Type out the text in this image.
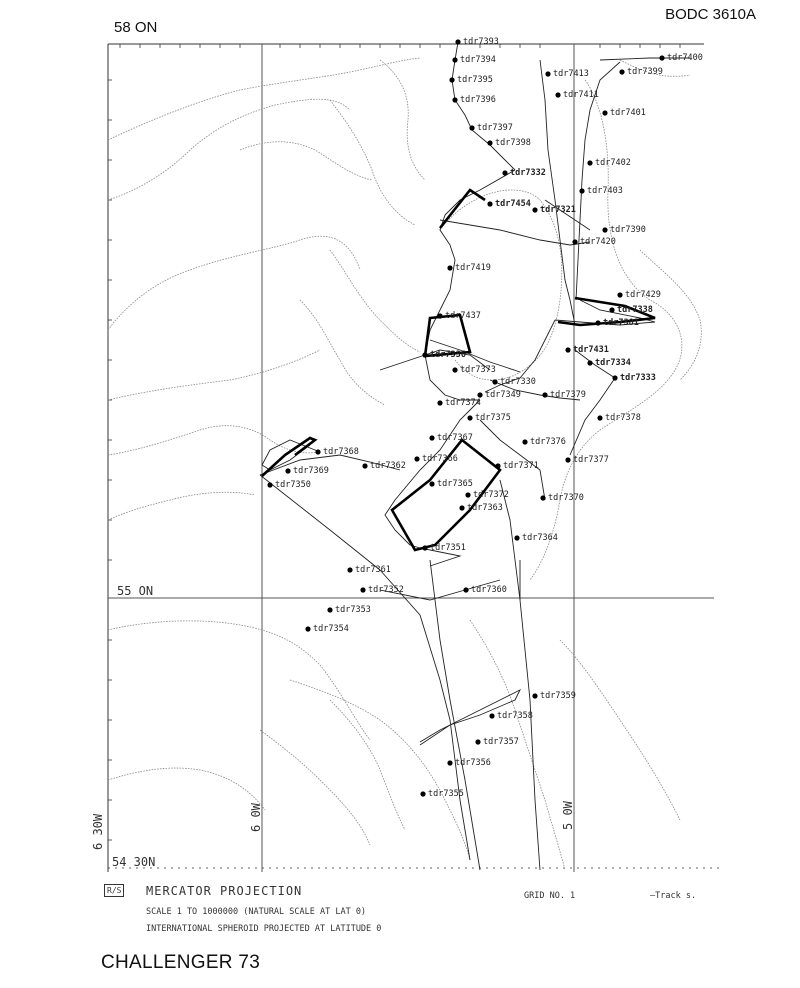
BODC 3610A
tdr7393
tdr7394
tdr7395
tdr7396
tdr7397
tdr7398
tdr7332
tdr7454
tdr7321
tdr7400
tdr7399
tdr7413
tdr7411
tdr7401
tdr7402
tdr7403
tdr7390
tdr7429
tdr7338
tdr7431
tdr7334
tdr7333
tdr7373
tdr7330
tdr7349	tdr7379
tdr7378
tdr7375
tdr7376
tdr7377
tdr7371
tdr7370
tdr7367
tdr7366
tdr7365
tdr7364
tdr7363
tdr7362
tdr7368
tdr7369
tdr7350
tdr7351
tdr7352	tdr7360
tdr7353
tdr7354
tdr7359
tdr7358
tdr7357
tdr7356
tdr7355
tdr7420
tdr7419
tdr7437
tdr7336
tdr7374
tdr7381
tdr7372
tdr7361
58 ON
55 ON
54 30N
6 30W	6 0W	5 0W
R/S MERCATOR PROJECTION
SCALE 1 TO 1000000 (NATURAL SCALE AT LAT 0)
INTERNATIONAL SPHEROID PROJECTED AT LATITUDE 0
GRID NO. 1	—Track s.
CHALLENGER 73
